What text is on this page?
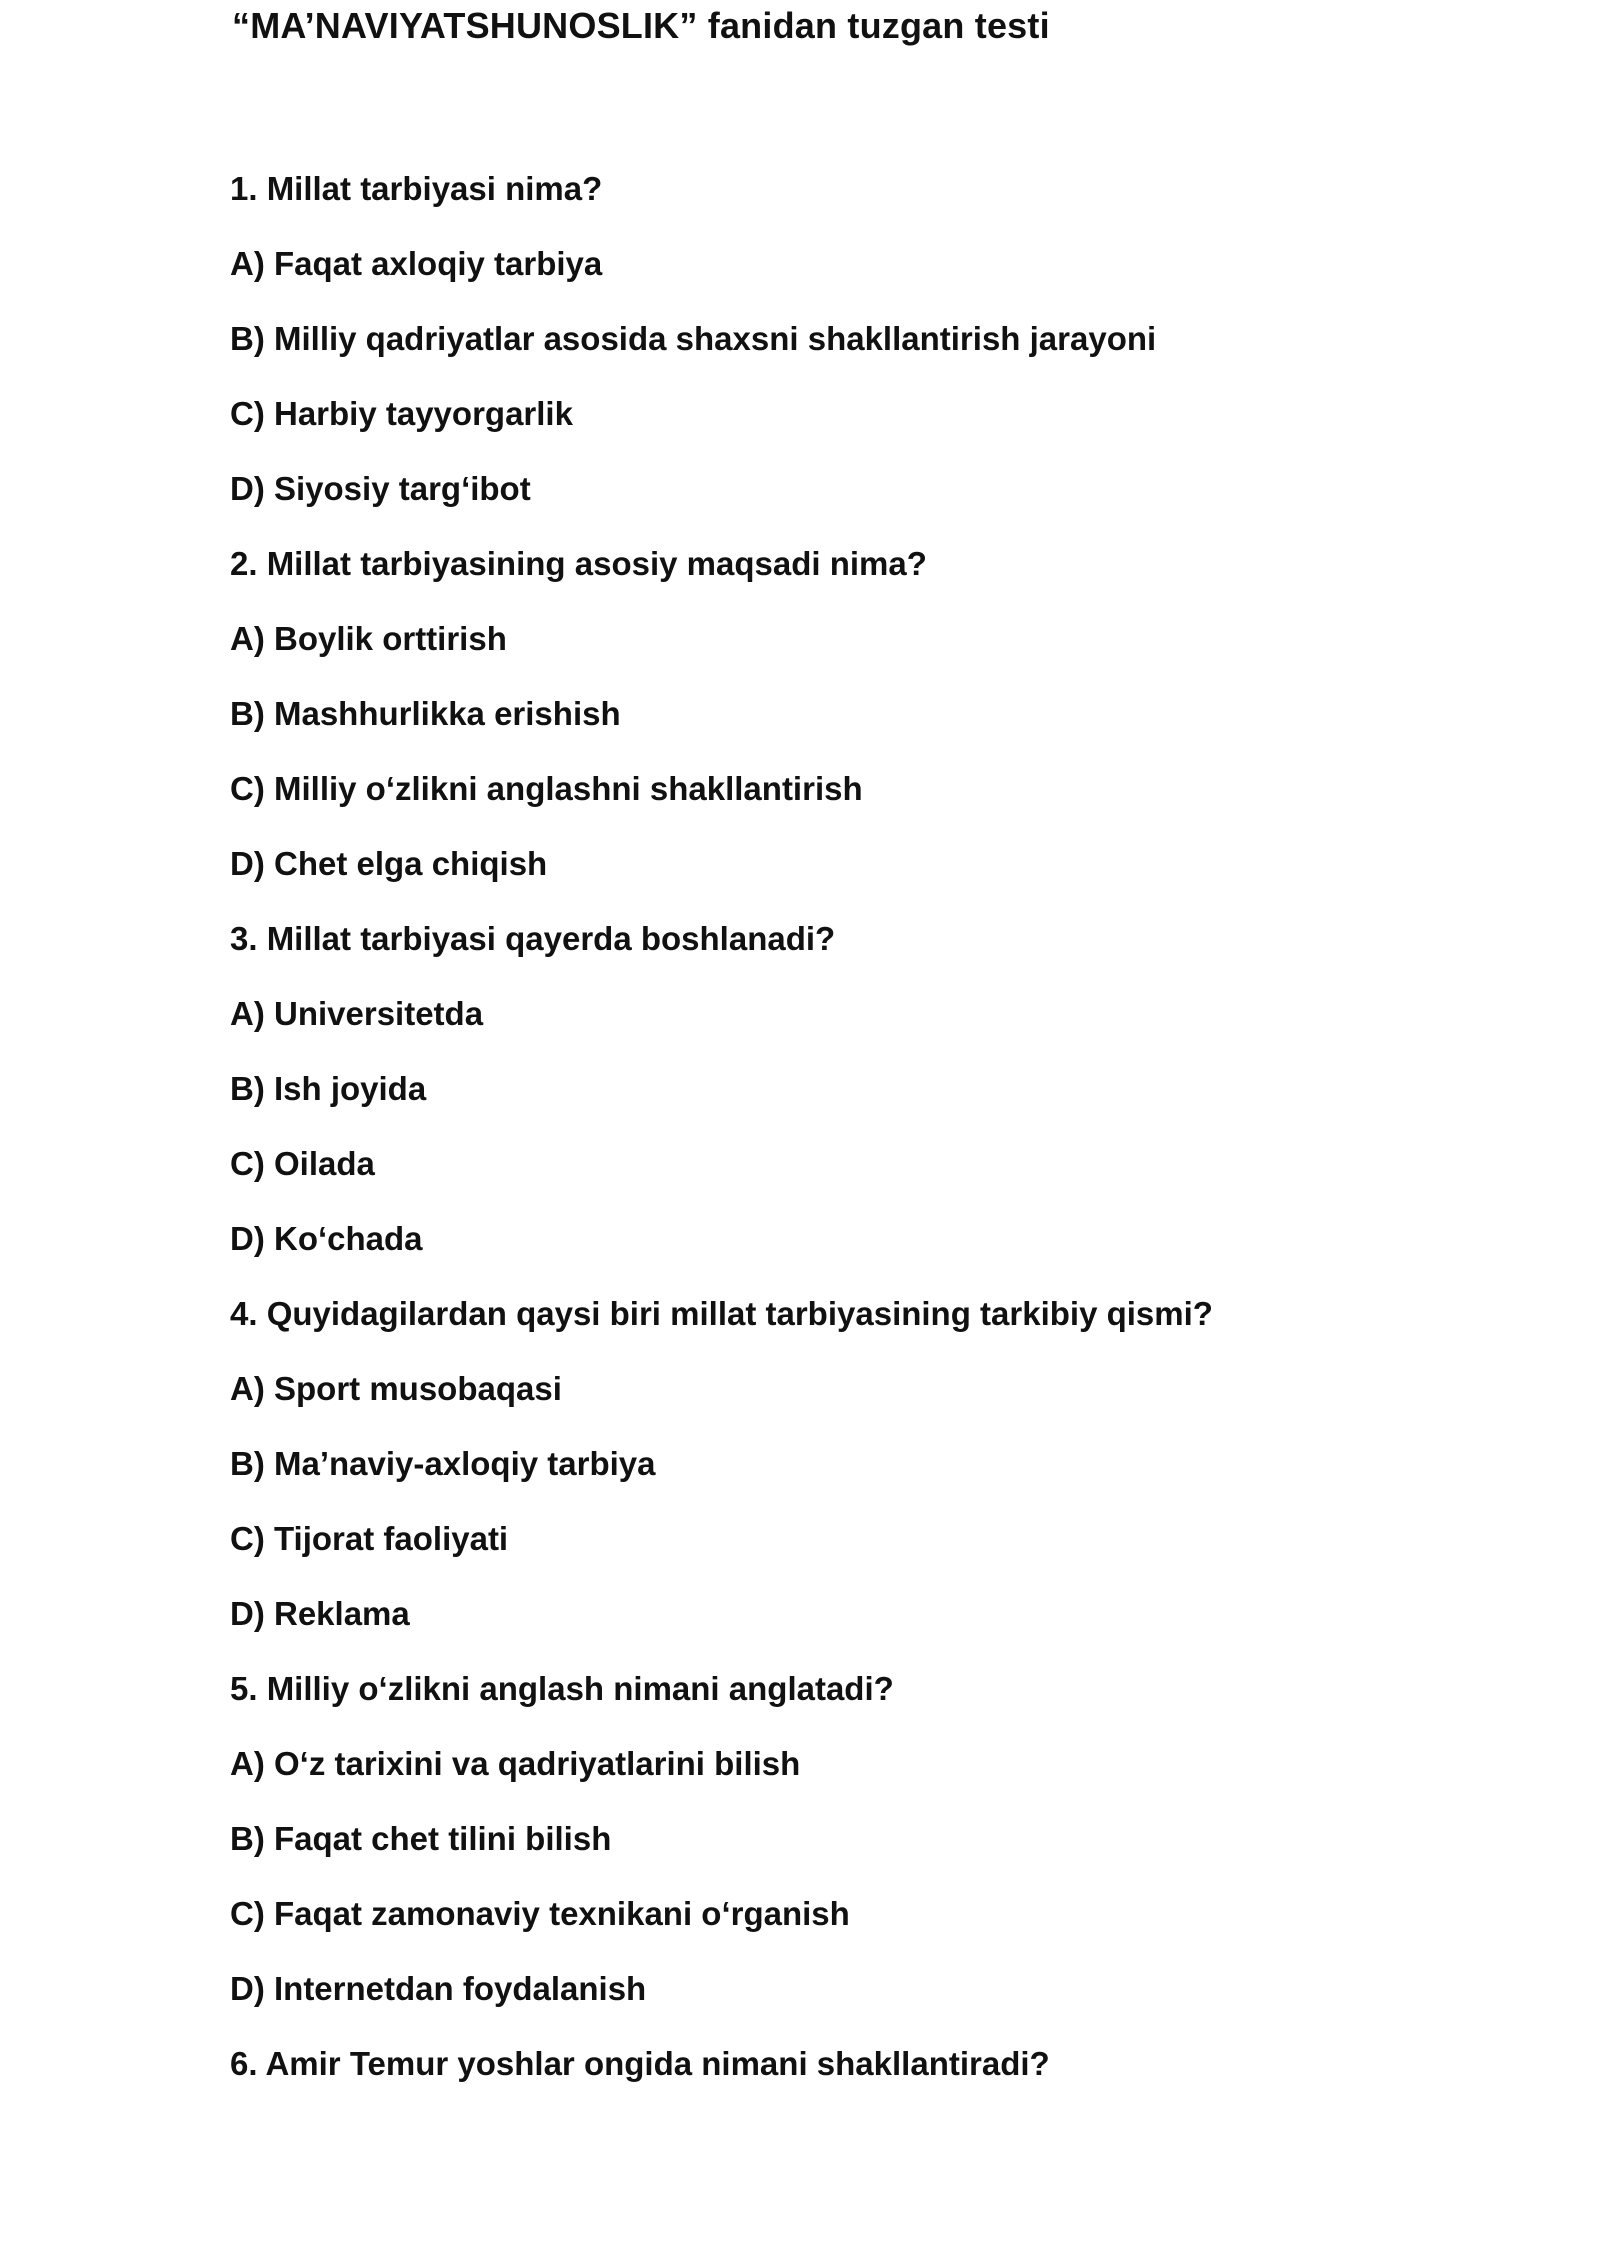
“MA’NAVIYATSHUNOSLIK” fanidan tuzgan testi

1. Millat tarbiyasi nima?

A) Faqat axloqiy tarbiya

B) Milliy qadriyatlar asosida shaxsni shakllantirish jarayoni

C) Harbiy tayyorgarlik

D) Siyosiy targ‘ibot

2. Millat tarbiyasining asosiy maqsadi nima?

A) Boylik orttirish

B) Mashhurlikka erishish

C) Milliy o‘zlikni anglashni shakllantirish

D) Chet elga chiqish

3. Millat tarbiyasi qayerda boshlanadi?

A) Universitetda

B) Ish joyida

C) Oilada

D) Ko‘chada

4. Quyidagilardan qaysi biri millat tarbiyasining tarkibiy qismi?

A) Sport musobaqasi

B) Ma’naviy-axloqiy tarbiya

C) Tijorat faoliyati

D) Reklama

5. Milliy o‘zlikni anglash nimani anglatadi?

A) O‘z tarixini va qadriyatlarini bilish

B) Faqat chet tilini bilish

C) Faqat zamonaviy texnikani o‘rganish

D) Internetdan foydalanish

6. Amir Temur yoshlar ongida nimani shakllantiradi?
